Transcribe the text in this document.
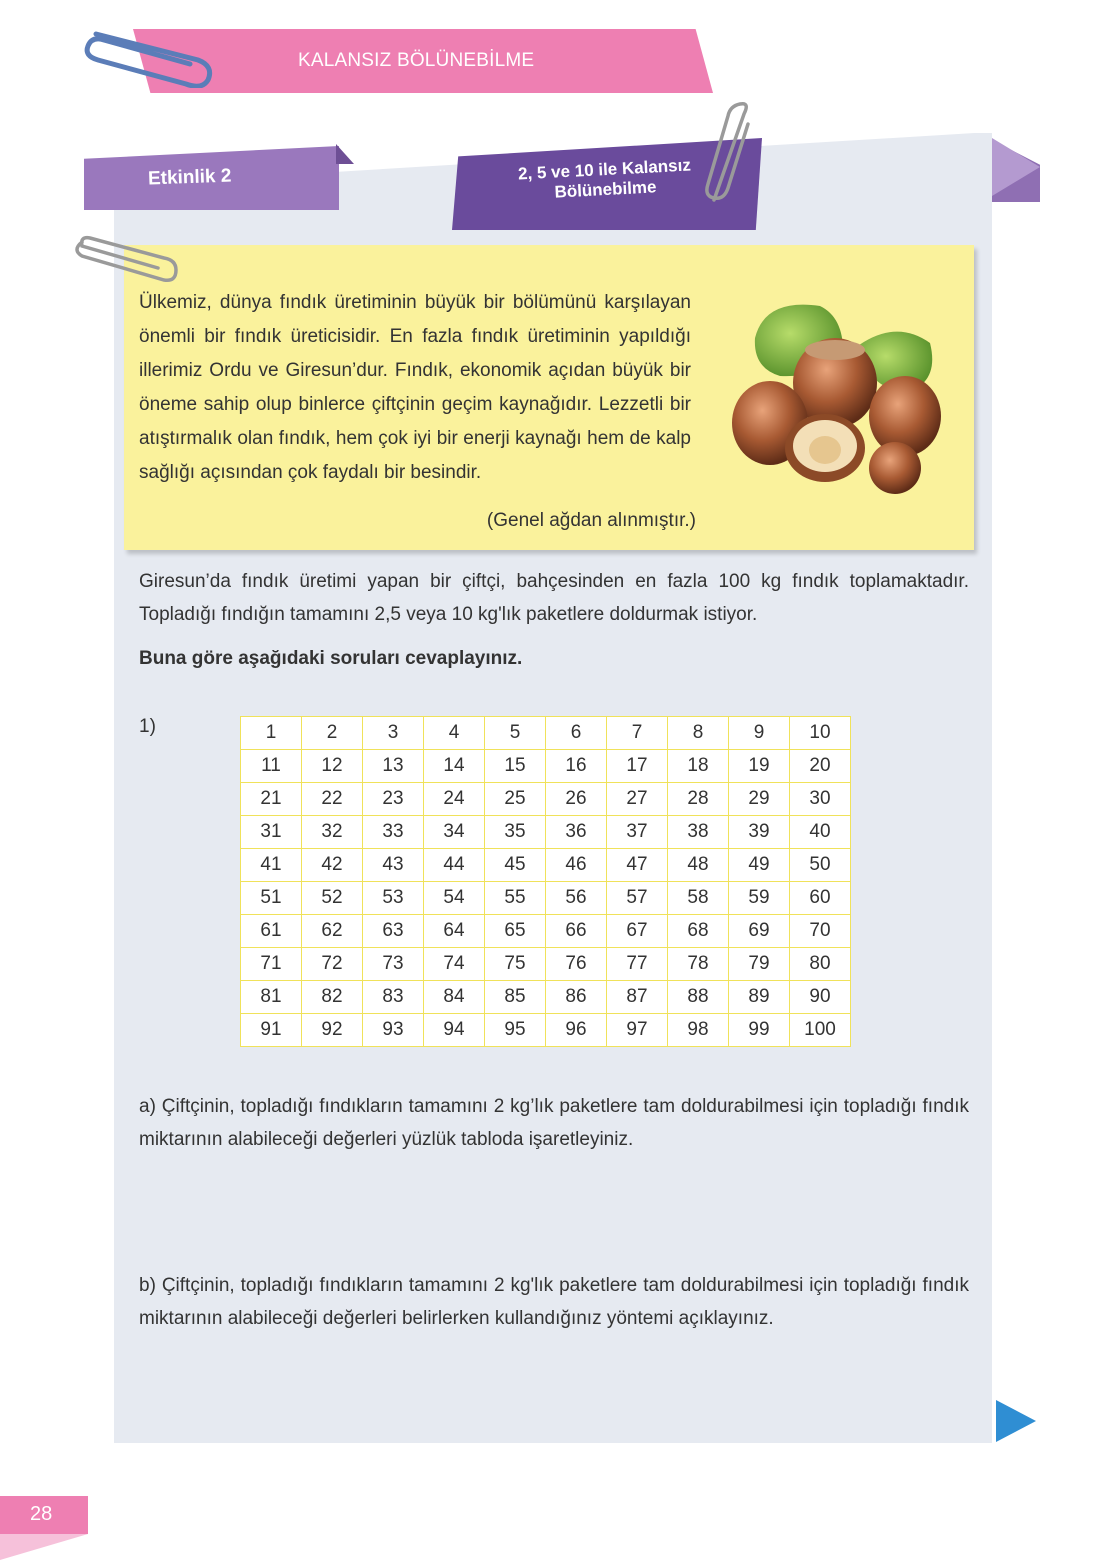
KALANSIZ BÖLÜNEBİLME
Etkinlik 2	2, 5 ve 10 ile Kalansız
Bölünebilme
Ülkemiz, dünya fındık üretiminin büyük bir bölümünü karşılayan önemli bir fındık üreticisidir. En fazla fındık üretiminin yapıldığı illerimiz Ordu ve Giresun’dur. Fındık, ekonomik açıdan büyük bir öneme sahip olup binlerce çiftçinin geçim kaynağıdır. Lezzetli bir atıştırmalık olan fındık, hem çok iyi bir enerji kaynağı hem de kalp sağlığı açısından çok faydalı bir besindir.
(Genel ağdan alınmıştır.)
Giresun’da fındık üretimi yapan bir çiftçi, bahçesinden en fazla 100 kg fındık toplamaktadır. Topladığı fındığın tamamını 2,5 veya 10 kg'lık paketlere doldurmak istiyor.
Buna göre aşağıdaki soruları cevaplayınız.
1)	1	2	3	4	5	6	7	8	9	10
11	12	13	14	15	16	17	18	19	20
21	22	23	24	25	26	27	28	29	30
31	32	33	34	35	36	37	38	39	40
41	42	43	44	45	46	47	48	49	50
51	52	53	54	55	56	57	58	59	60
61	62	63	64	65	66	67	68	69	70
71	72	73	74	75	76	77	78	79	80
81	82	83	84	85	86	87	88	89	90
91	92	93	94	95	96	97	98	99	100
a) Çiftçinin, topladığı fındıkların tamamını 2 kg’lık paketlere tam doldurabilmesi için topladığı fındık miktarının alabileceği değerleri yüzlük tabloda işaretleyiniz.
b) Çiftçinin, topladığı fındıkların tamamını 2 kg'lık paketlere tam doldurabilmesi için topladığı fındık miktarının alabileceği değerleri belirlerken kullandığınız yöntemi açıklayınız.
28
